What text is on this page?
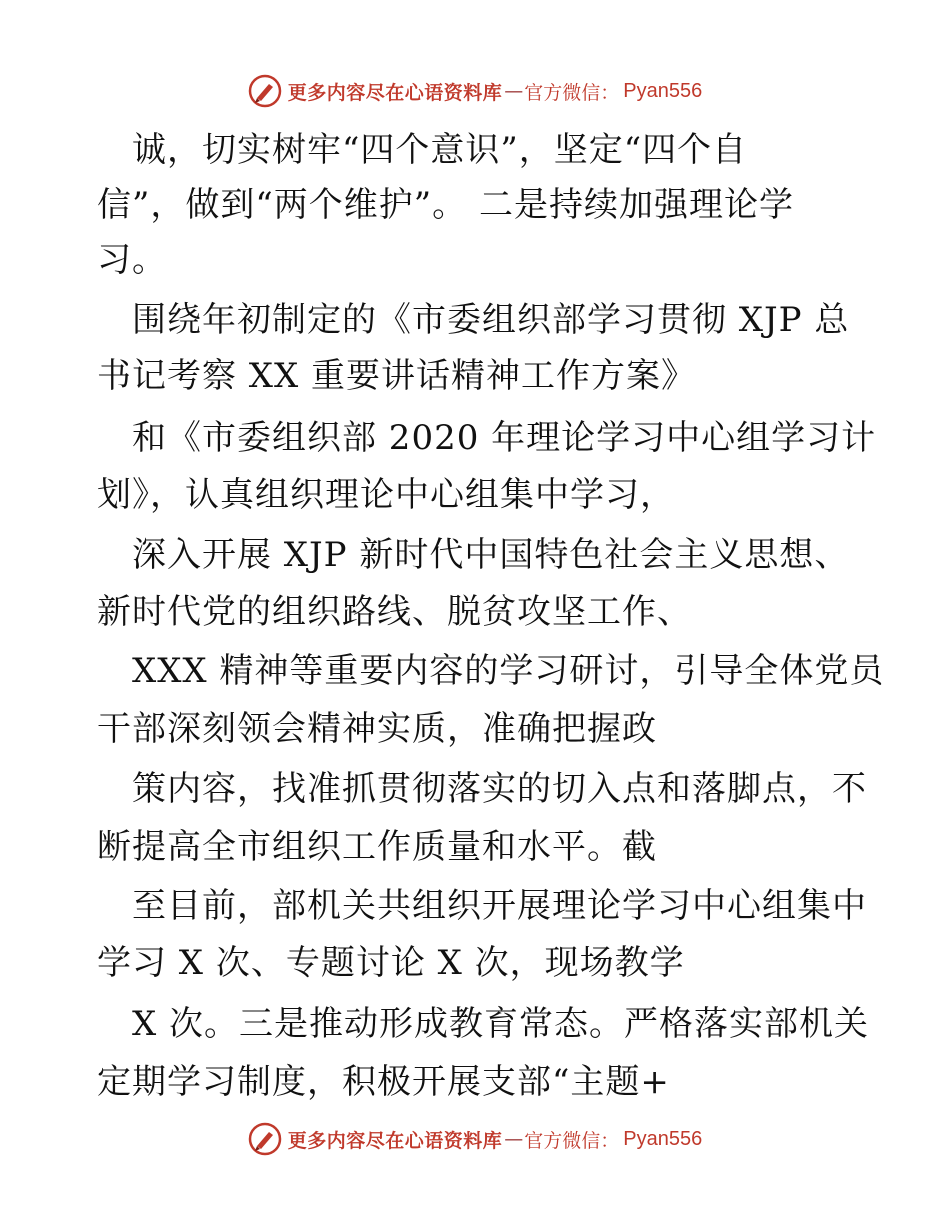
更多内容尽在心语资料库 — 官方微信 ： Pyan556
诚，切实树牢“四个意识”，坚定“四个自
信”，做到“两个维护”。 二是持续加强理论学
习。
围绕年初制定的《市委组织部学习贯彻 XJP 总
书记考察 XX 重要讲话精神工作方案》
和《市委组织部 2020 年理论学习中心组学习计
划》，认真组织理论中心组集中学习，
深入开展 XJP 新时代中国特色社会主义思想、
新时代党的组织路线、脱贫攻坚工作、
XXX 精神等重要内容的学习研讨，引导全体党员
干部深刻领会精神实质，准确把握政
策内容，找准抓贯彻落实的切入点和落脚点，不
断提高全市组织工作质量和水平。截
至目前，部机关共组织开展理论学习中心组集中
学习 X 次、专题讨论 X 次，现场教学
X 次。三是推动形成教育常态。严格落实部机关
定期学习制度，积极开展支部“主题+
更多内容尽在心语资料库 — 官方微信 ： Pyan556
